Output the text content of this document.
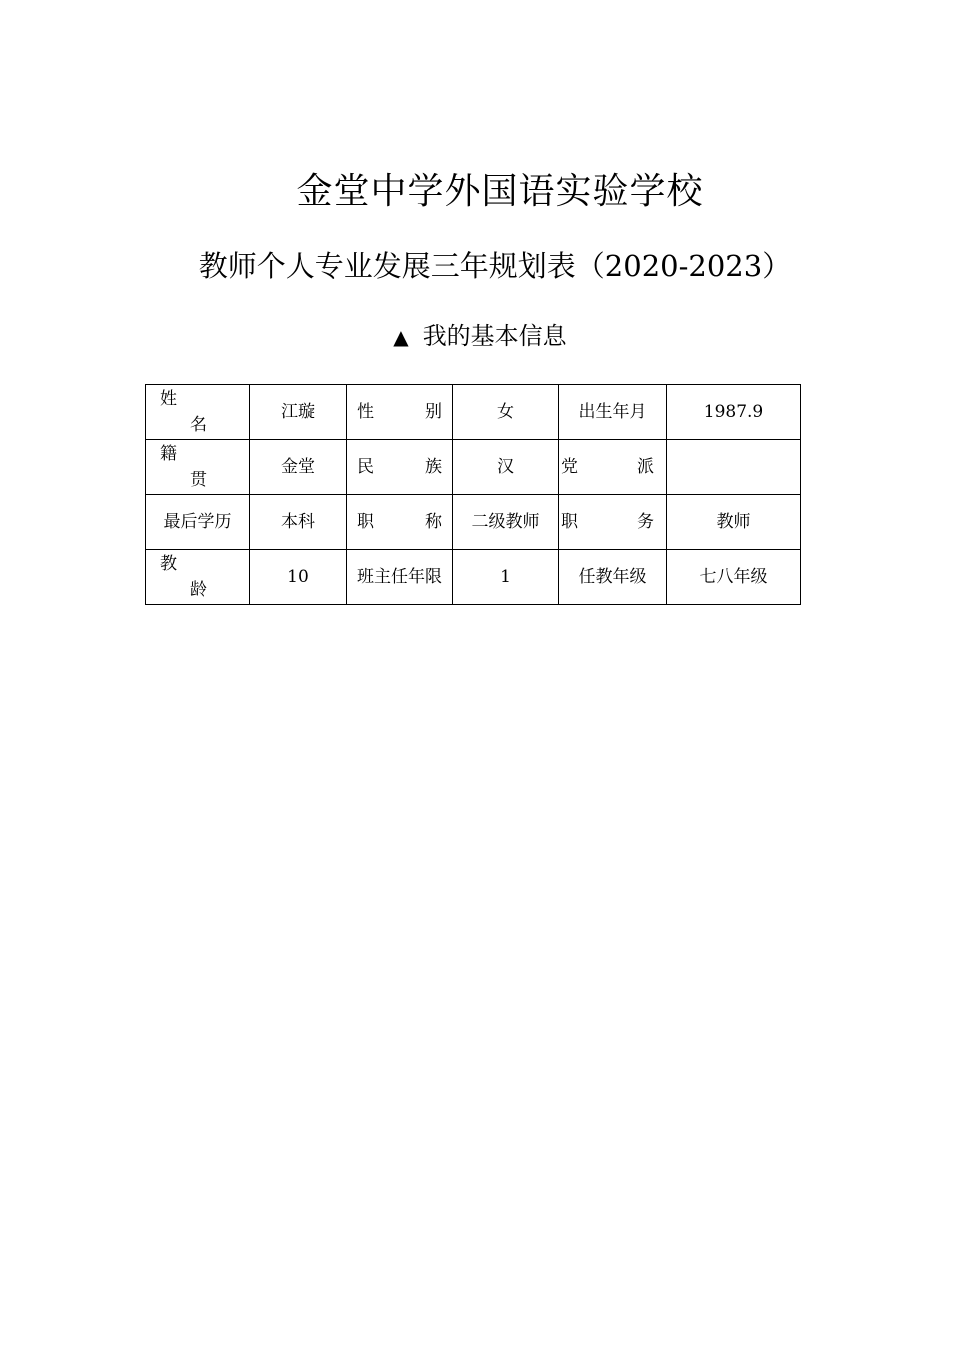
金堂中学外国语实验学校
教师个人专业发展三年规划表（2020-2023）
▲ 我的基本信息
姓
名	江璇	性 别	女	出生年月	1987.9

籍
贯	金堂	民 族	汉	党 派	

最后学历	本科	职 称	二级教师	职 务	教师

教
龄	10	班主任年限	1	任教年级	七八年级
